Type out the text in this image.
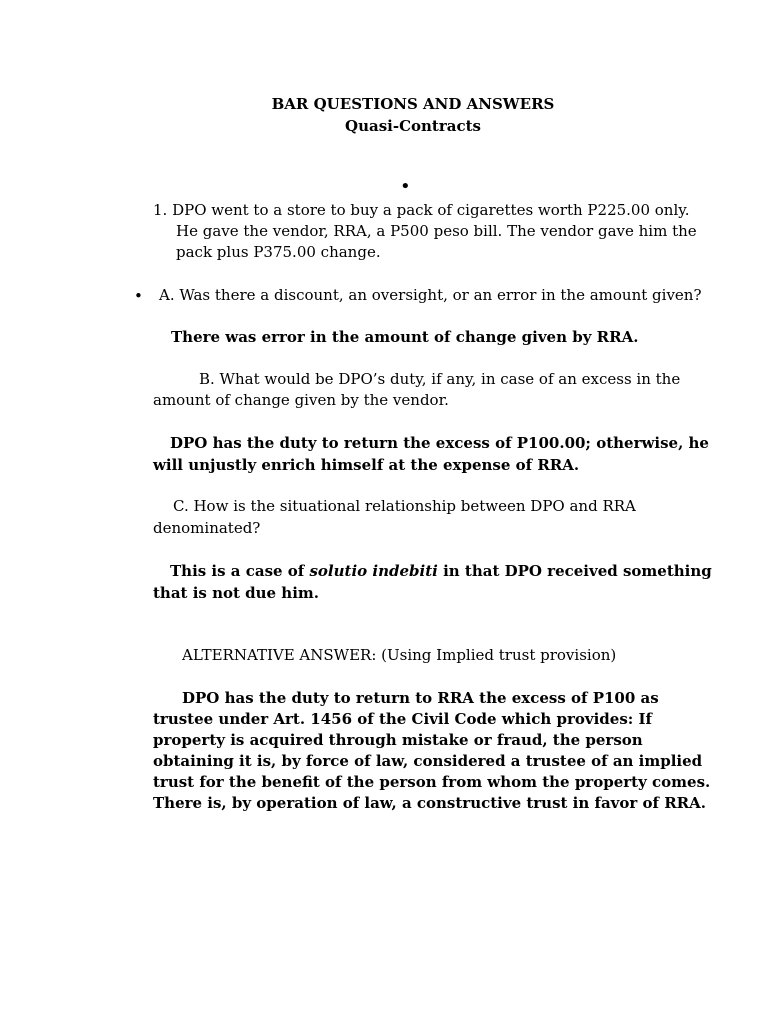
BAR QUESTIONS AND ANSWERS
Quasi-Contracts
•
1. DPO went to a store to buy a pack of cigarettes worth P225.00 only.
He gave the vendor, RRA, a P500 peso bill. The vendor gave him the
pack plus P375.00 change.
• A. Was there a discount, an oversight, or an error in the amount given?
There was error in the amount of change given by RRA.
B. What would be DPO’s duty, if any, in case of an excess in the
amount of change given by the vendor.
DPO has the duty to return the excess of P100.00; otherwise, he
will unjustly enrich himself at the expense of RRA.
C. How is the situational relationship between DPO and RRA
denominated?
This is a case of solutio indebiti in that DPO received something
that is not due him.
ALTERNATIVE ANSWER: (Using Implied trust provision)
DPO has the duty to return to RRA the excess of P100 as
trustee under Art. 1456 of the Civil Code which provides: If
property is acquired through mistake or fraud, the person
obtaining it is, by force of law, considered a trustee of an implied
trust for the benefit of the person from whom the property comes.
There is, by operation of law, a constructive trust in favor of RRA.
